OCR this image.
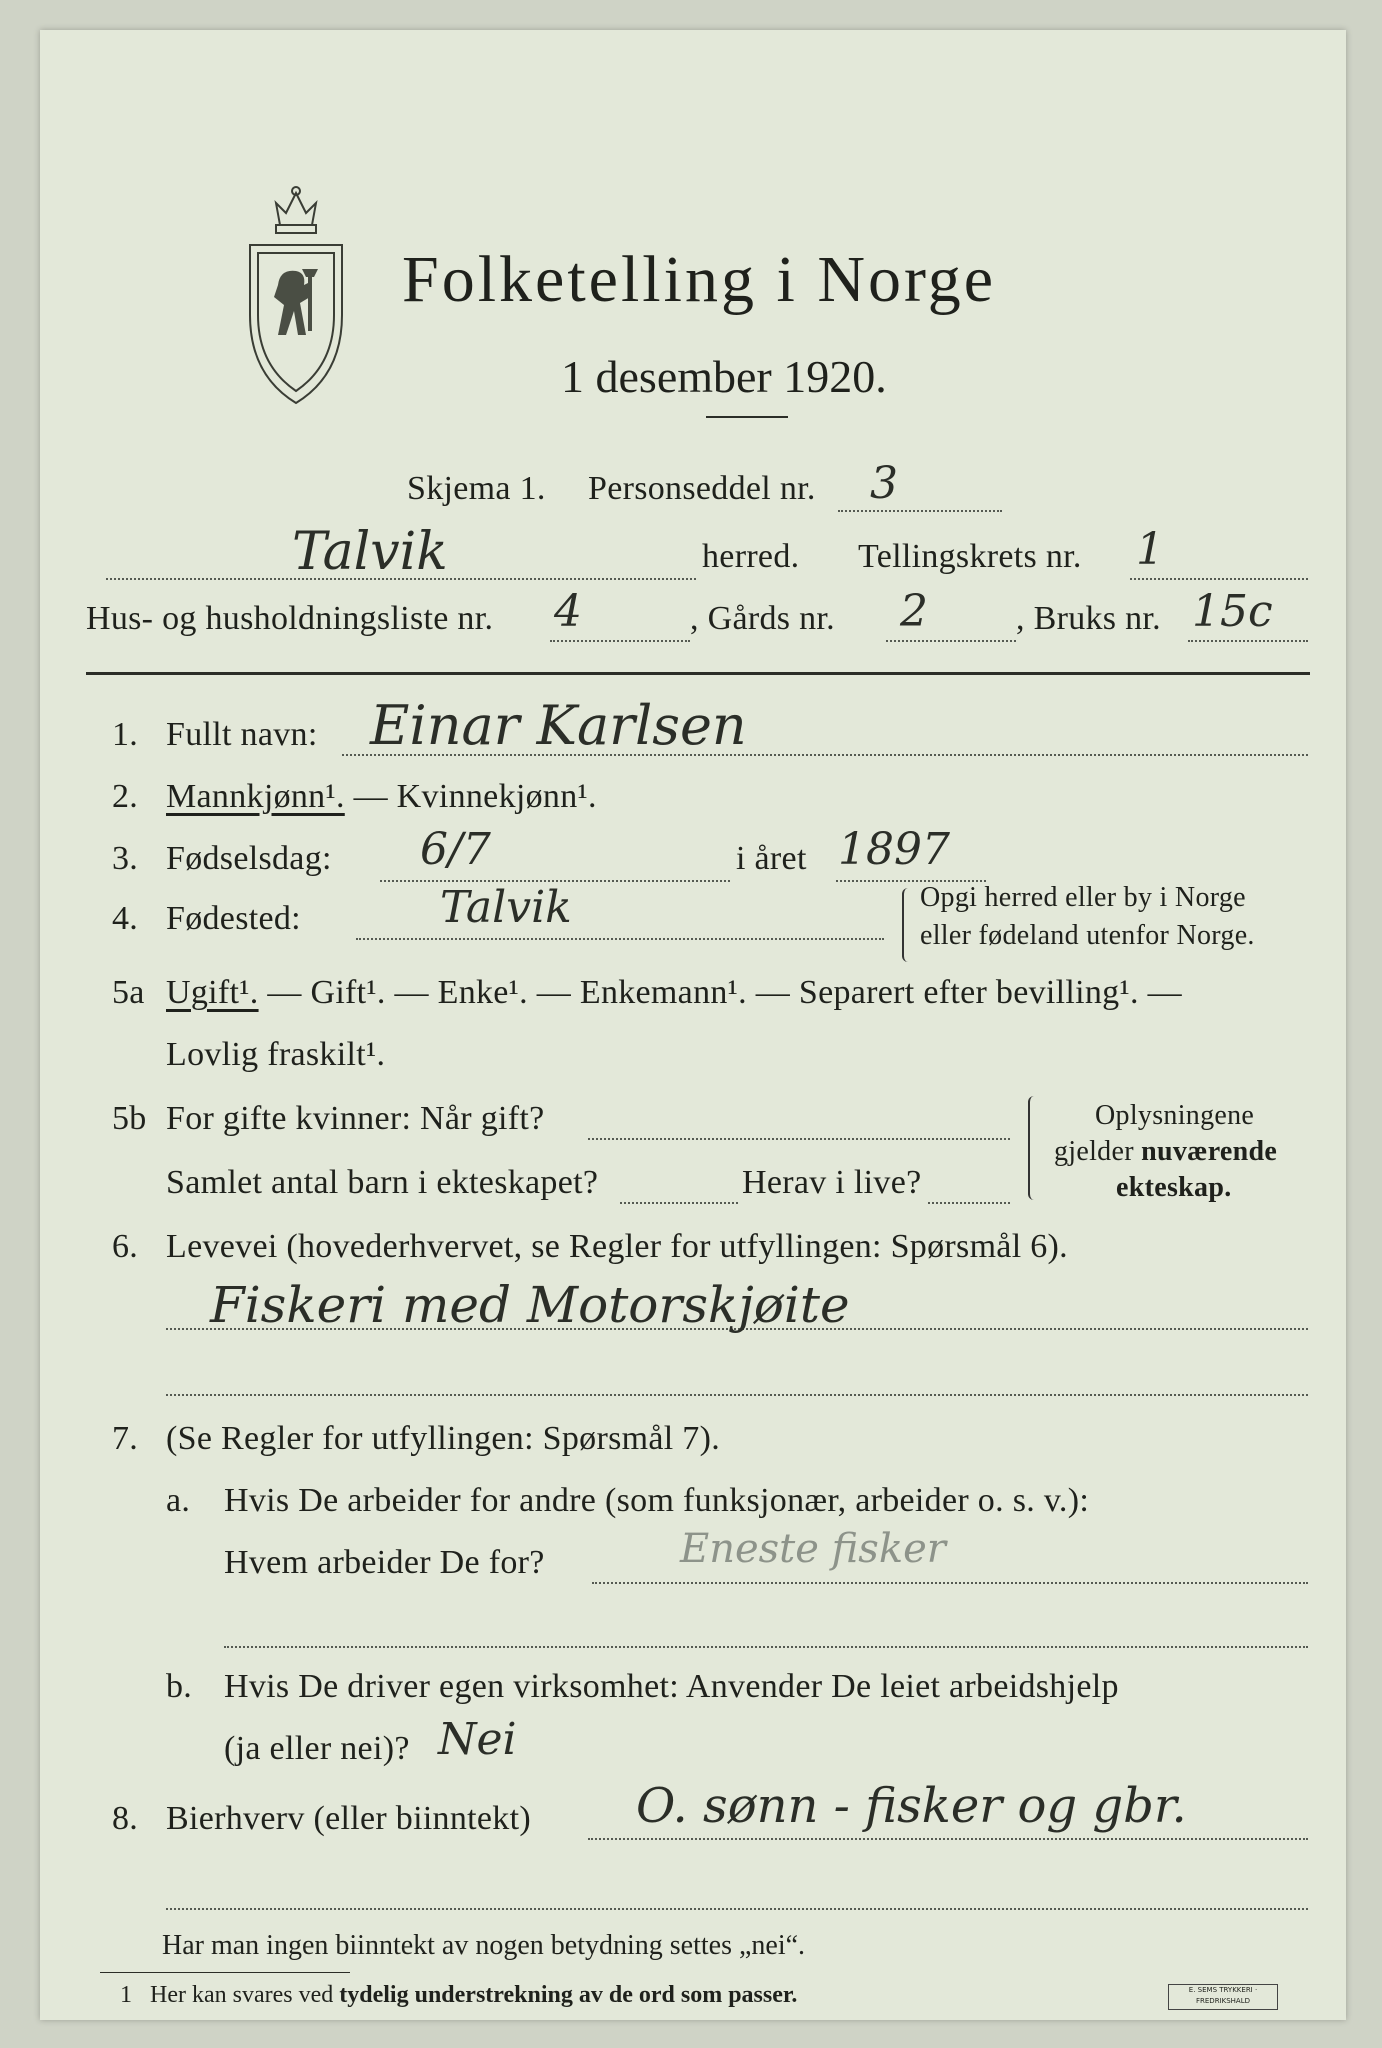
Folketelling i Norge
1 desember 1920.
Skjema 1. Personseddel nr. 3
Talvik	herred. Tellingskrets nr. 1
Hus- og husholdningsliste nr. 4	, Gårds nr. 2	, Bruks nr. 15c
1. Fullt navn: Einar Karlsen
2. Mannkjønn¹. — Kvinnekjønn¹.
3. Fødselsdag: 6/7	i året 1897
4. Fødested:	Talvik	Opgi herred eller by i Norge
eller fødeland utenfor Norge.
5a Ugift¹. — Gift¹. — Enke¹. — Enkemann¹. — Separert efter bevilling¹. —
Lovlig fraskilt¹.
5b For gifte kvinner: Når gift?
Samlet antal barn i ekteskapet?	Herav i live?
Oplysningene
gjelder nuværende
ekteskap.
6. Levevei (hovederhvervet, se Regler for utfyllingen: Spørsmål 6).
Fiskeri med Motorskjøite
7. (Se Regler for utfyllingen: Spørsmål 7).
a. Hvis De arbeider for andre (som funksjonær, arbeider o. s. v.):
Hvem arbeider De for?	Eneste fisker
b. Hvis De driver egen virksomhet: Anvender De leiet arbeidshjelp
(ja eller nei)? Nei
8. Bierhverv (eller biinntekt) O. sønn - fisker og gbr.
Har man ingen biinntekt av nogen betydning settes „nei“.
1 Her kan svares ved tydelig understrekning av de ord som passer.	E. SEMS TRYKKERI · FREDRIKSHALD
